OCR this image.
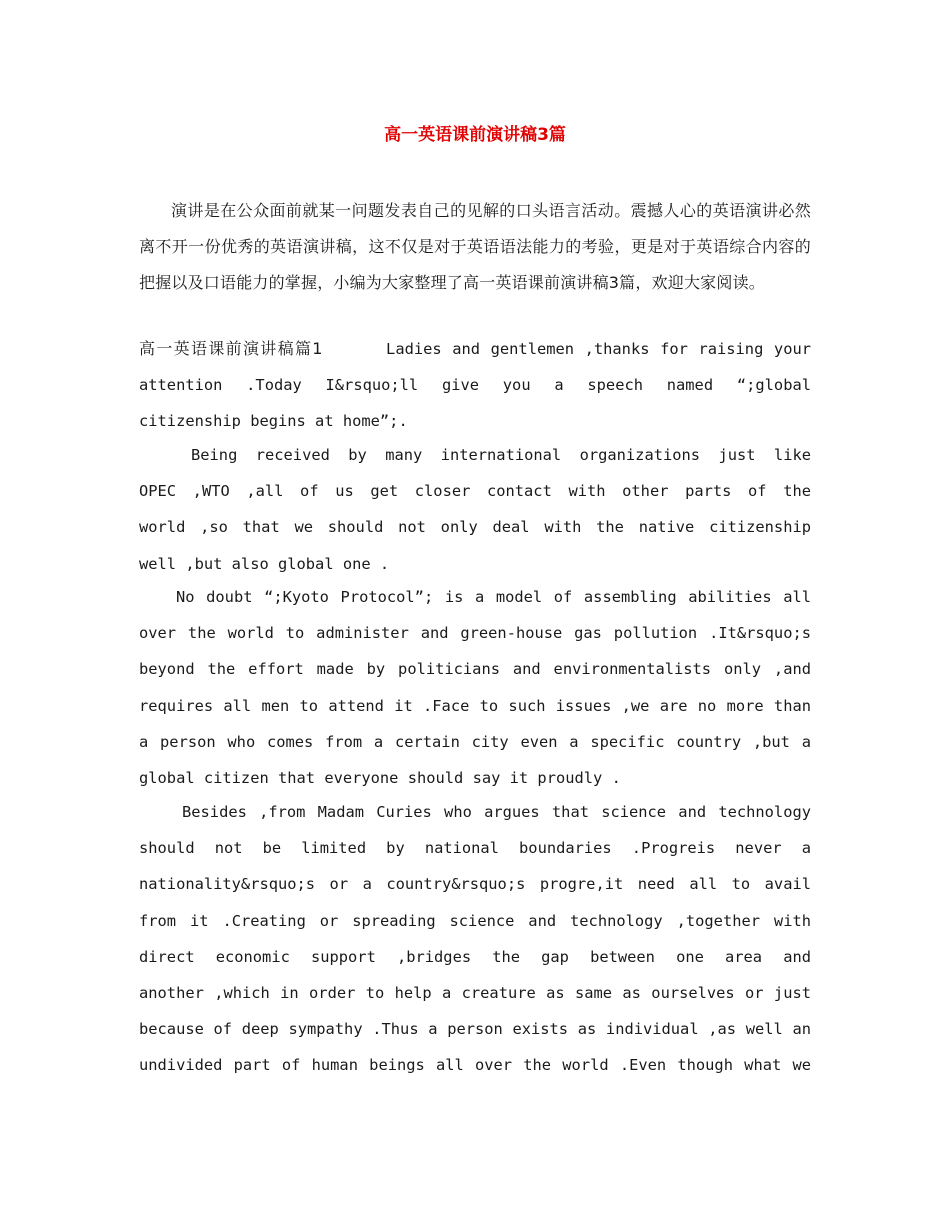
高一英语课前演讲稿3篇
演讲是在公众面前就某一问题发表自己的见解的口头语言活动。震撼人心的英语演讲必然离不开一份优秀的英语演讲稿，这不仅是对于英语语法能力的考验，更是对于英语综合内容的把握以及口语能力的掌握，小编为大家整理了高一英语课前演讲稿3篇，欢迎大家阅读。
高一英语课前演讲稿篇1	Ladies and gentlemen ,thanks for raising your
attention .Today I&rsquo;ll give you a speech named “;global
citizenship begins at home”;.
Being received by many international organizations just like
OPEC ,WTO ,all of us get closer contact with other parts of the
world ,so that we should not only deal with the native citizenship
well ,but also global one .
No doubt “;Kyoto Protocol”; is a model of assembling abilities all
over the world to administer and green-house gas pollution .It&rsquo;s
beyond the effort made by politicians and environmentalists only ,and
requires all men to attend it .Face to such issues ,we are no more than
a person who comes from a certain city even a specific country ,but a
global citizen that everyone should say it proudly .
Besides ,from Madam Curies who argues that science and technology
should not be limited by national boundaries .Progreis never a
nationality&rsquo;s or a country&rsquo;s progre,it need all to avail
from it .Creating or spreading science and technology ,together with
direct economic support ,bridges the gap between one area and
another ,which in order to help a creature as same as ourselves or just
because of deep sympathy .Thus a person exists as individual ,as well an
undivided part of human beings all over the world .Even though what we
